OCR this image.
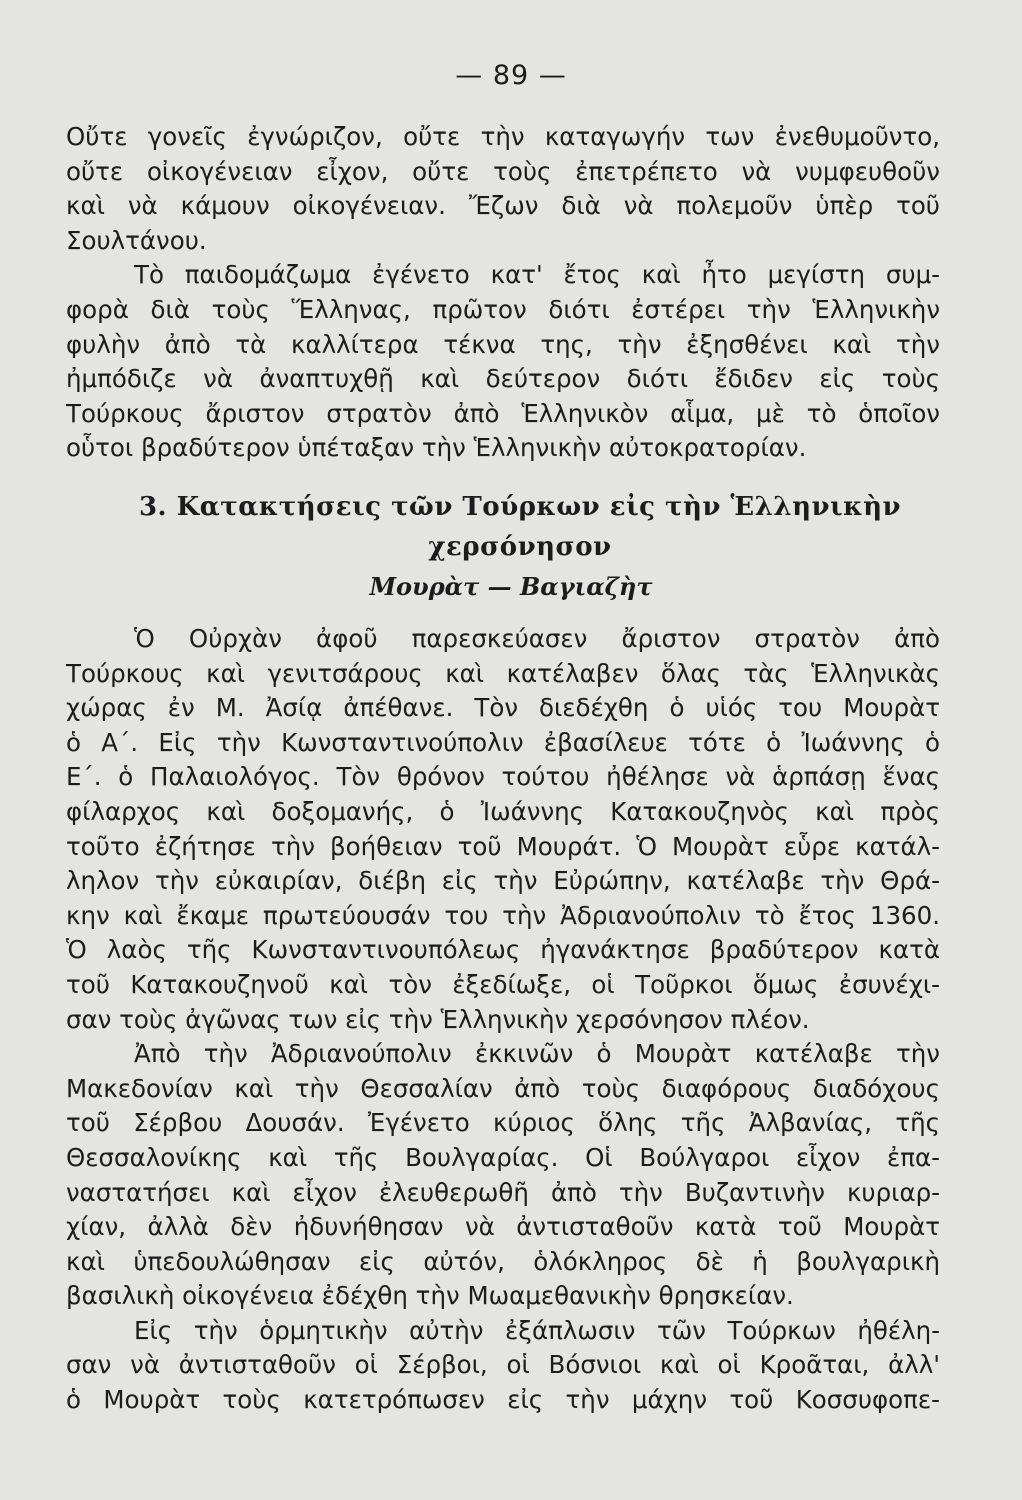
— 89 —
Οὔτε γονεῖς ἐγνώριζον, οὔτε τὴν καταγωγήν των ἐνεθυμοῦντο,
οὔτε οἰκογένειαν εἶχον, οὔτε τοὺς ἐπετρέπετο νὰ νυμφευθοῦν
καὶ νὰ κάμουν οἰκογένειαν. Ἔζων διὰ νὰ πολεμοῦν ὑπὲρ τοῦ
Σουλτάνου.
Τὸ παιδομάζωμα ἐγένετο κατ' ἔτος καὶ ἦτο μεγίστη συμ-
φορὰ διὰ τοὺς Ἕλληνας, πρῶτον διότι ἐστέρει τὴν Ἑλληνικὴν
φυλὴν ἀπὸ τὰ καλλίτερα τέκνα της, τὴν ἐξησθένει καὶ τὴν
ἠμπόδιζε νὰ ἀναπτυχθῇ καὶ δεύτερον διότι ἔδιδεν εἰς τοὺς
Τούρκους ἄριστον στρατὸν ἀπὸ Ἑλληνικὸν αἷμα, μὲ τὸ ὁποῖον
οὗτοι βραδύτερον ὑπέταξαν τὴν Ἑλληνικὴν αὐτοκρατορίαν.
3. Κατακτήσεις τῶν Τούρκων εἰς τὴν Ἑλληνικὴν
χερσόνησον
Μουρὰτ — Βαγιαζὴτ
Ὁ Οὐρχὰν ἀφοῦ παρεσκεύασεν ἄριστον στρατὸν ἀπὸ
Τούρκους καὶ γενιτσάρους καὶ κατέλαβεν ὅλας τὰς Ἑλληνικὰς
χώρας ἐν Μ. Ἀσίᾳ ἀπέθανε. Τὸν διεδέχθη ὁ υἱός του Μουρὰτ
ὁ Α΄. Εἰς τὴν Κωνσταντινούπολιν ἐβασίλευε τότε ὁ Ἰωάννης ὁ
Ε΄. ὁ Παλαιολόγος. Τὸν θρόνον τούτου ἠθέλησε νὰ ἁρπάσῃ ἕνας
φίλαρχος καὶ δοξομανής, ὁ Ἰωάννης Κατακουζηνὸς καὶ πρὸς
τοῦτο ἐζήτησε τὴν βοήθειαν τοῦ Μουράτ. Ὁ Μουρὰτ εὗρε κατάλ-
ληλον τὴν εὐκαιρίαν, διέβη εἰς τὴν Εὐρώπην, κατέλαβε τὴν Θρά-
κην καὶ ἔκαμε πρωτεύουσάν του τὴν Ἀδριανούπολιν τὸ ἔτος 1360.
Ὁ λαὸς τῆς Κωνσταντινουπόλεως ἠγανάκτησε βραδύτερον κατὰ
τοῦ Κατακουζηνοῦ καὶ τὸν ἐξεδίωξε, οἱ Τοῦρκοι ὅμως ἐσυνέχι-
σαν τοὺς ἀγῶνας των εἰς τὴν Ἑλληνικὴν χερσόνησον πλέον.
Ἀπὸ τὴν Ἀδριανούπολιν ἐκκινῶν ὁ Μουρὰτ κατέλαβε τὴν
Μακεδονίαν καὶ τὴν Θεσσαλίαν ἀπὸ τοὺς διαφόρους διαδόχους
τοῦ Σέρβου Δουσάν. Ἐγένετο κύριος ὅλης τῆς Ἀλβανίας, τῆς
Θεσσαλονίκης καὶ τῆς Βουλγαρίας. Οἱ Βούλγαροι εἶχον ἐπα-
ναστατήσει καὶ εἶχον ἐλευθερωθῆ ἀπὸ τὴν Βυζαντινὴν κυριαρ-
χίαν, ἀλλὰ δὲν ἠδυνήθησαν νὰ ἀντισταθοῦν κατὰ τοῦ Μουρὰτ
καὶ ὑπεδουλώθησαν εἰς αὐτόν, ὁλόκληρος δὲ ἡ βουλγαρικὴ
βασιλικὴ οἰκογένεια ἐδέχθη τὴν Μωαμεθανικὴν θρησκείαν.
Εἰς τὴν ὁρμητικὴν αὐτὴν ἐξάπλωσιν τῶν Τούρκων ἠθέλη-
σαν νὰ ἀντισταθοῦν οἱ Σέρβοι, οἱ Βόσνιοι καὶ οἱ Κροᾶται, ἀλλ'
ὁ Μουρὰτ τοὺς κατετρόπωσεν εἰς τὴν μάχην τοῦ Κοσσυφοπε-
